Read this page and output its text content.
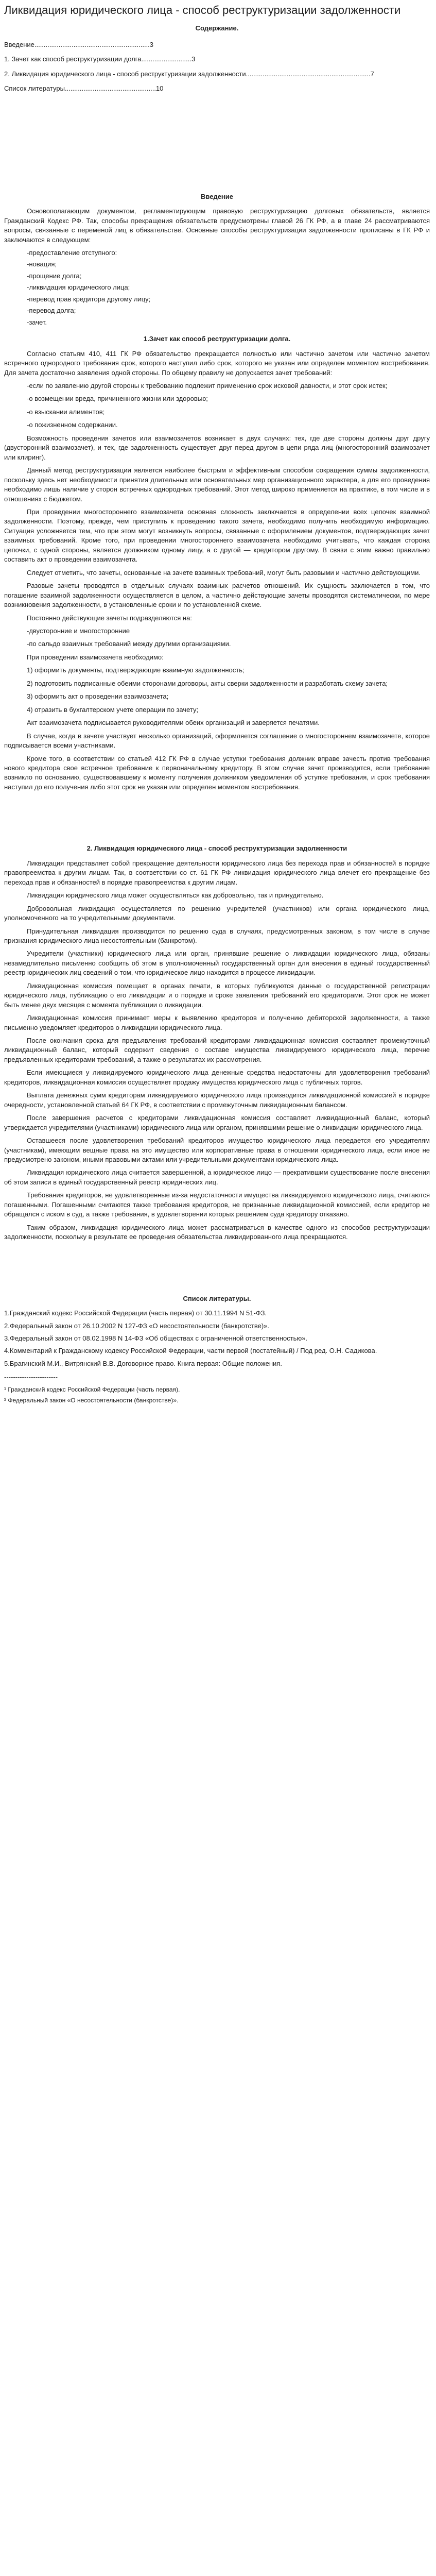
Ликвидация юридического лица - способ реструктуризации задолженности
Содержание.

Введение..............................................................3

1. Зачет как способ реструктуризации долга...........................3

2. Ликвидация юридического лица - способ реструктуризации задолженности...................................................................7

Список литературы.................................................10

Введение

Основополагающим документом, регламентирующим правовую реструктуризацию долговых обязательств, является Гражданский Кодекс РФ. Так, способы прекращения обязательств предусмотрены главой 26 ГК РФ, а в главе 24 рассматриваются вопросы, связанные с переменой лиц в обязательстве. Основные способы реструктуризации задолженности прописаны в ГК РФ и заключаются в следующем:

-предоставление отступного:

-новация;

-прощение долга;

-ликвидация юридического лица;

-перевод прав кредитора другому лицу;

-перевод долга;

-зачет.

1.Зачет как способ реструктуризации долга.

Согласно статьям 410, 411 ГК РФ обязательство прекращается полностью или частично зачетом или частично зачетом встречного однородного требования срок, которого наступил либо срок, которого не указан или определен моментом востребования. Для зачета достаточно заявления одной стороны. По общему правилу не допускается зачет требований:

-если по заявлению другой стороны к требованию подлежит применению срок исковой давности, и этот срок истек;

-о возмещении вреда, причиненного жизни или здоровью;

-о взыскании алиментов;

-о пожизненном содержании.

Возможность проведения зачетов или взаимозачетов возникает в двух случаях: тех, где две стороны должны друг другу (двусторонний взаимозачет), и тех, где задолженность существует друг перед другом в цепи ряда лиц (многосторонний взаимозачет или клиринг).

Данный метод реструктуризации является наиболее быстрым и эффективным способом сокращения суммы задолженности, поскольку здесь нет необходимости принятия длительных или основательных мер организационного характера, а для его проведения необходимо лишь наличие у сторон встречных однородных требований. Этот метод широко применяется на практике, в том числе и в отношениях с бюджетом.

При проведении многостороннего взаимозачета основная сложность заключается в определении всех цепочек взаимной задолженности. Поэтому, прежде, чем приступить к проведению такого зачета, необходимо получить необходимую информацию. Ситуация усложняется тем, что при этом могут возникнуть вопросы, связанные с оформлением документов, подтверждающих зачет взаимных требований. Кроме того, при проведении многостороннего взаимозачета необходимо учитывать, что каждая сторона цепочки, с одной стороны, является должником одному лицу, а с другой — кредитором другому. В связи с этим важно правильно составить акт о проведении взаимозачета.

Следует отметить, что зачеты, основанные на зачете взаимных требований, могут быть разовыми и частично действующими.

Разовые зачеты проводятся в отдельных случаях взаимных расчетов отношений. Их сущность заключается в том, что погашение взаимной задолженности осуществляется в целом, а частично действующие зачеты проводятся систематически, по мере возникновения задолженности, в установленные сроки и по установленной схеме.

Постоянно действующие зачеты подразделяются на:

-двусторонние и многосторонние

-по сальдо взаимных требований между другими организациями.

При проведении взаимозачета необходимо:

1) оформить документы, подтверждающие взаимную задолженность;

2) подготовить подписанные обеими сторонами договоры, акты сверки задолженности и разработать схему зачета;

3) оформить акт о проведении взаимозачета;

4) отразить в бухгалтерском учете операции по зачету;

Акт взаимозачета подписывается руководителями обеих организаций и заверяется печатями.

В случае, когда в зачете участвует несколько организаций, оформляется соглашение о многостороннем взаимозачете, которое подписывается всеми участниками.

Кроме того, в соответствии со статьей 412 ГК РФ в случае уступки требования должник вправе зачесть против требования нового кредитора свое встречное требование к первоначальному кредитору. В этом случае зачет производится, если требование возникло по основанию, существовавшему к моменту получения должником уведомления об уступке требования, и срок требования наступил до его получения либо этот срок не указан или определен моментом востребования.

2. Ликвидация юридического лица - способ реструктуризации задолженности

Ликвидация представляет собой прекращение деятельности юридического лица без перехода прав и обязанностей в порядке правопреемства к другим лицам. Так, в соответствии со ст. 61 ГК РФ ликвидация юридического лица влечет его прекращение без перехода прав и обязанностей в порядке правопреемства к другим лицам.

Ликвидация юридического лица может осуществляться как добровольно, так и принудительно.

Добровольная ликвидация осуществляется по решению учредителей (участников) или органа юридического лица, уполномоченного на то учредительными документами.

Принудительная ликвидация производится по решению суда в случаях, предусмотренных законом, в том числе в случае признания юридического лица несостоятельным (банкротом).

Учредители (участники) юридического лица или орган, принявшие решение о ликвидации юридического лица, обязаны незамедлительно письменно сообщить об этом в уполномоченный государственный орган для внесения в единый государственный реестр юридических лиц сведений о том, что юридическое лицо находится в процессе ликвидации.

Ликвидационная комиссия помещает в органах печати, в которых публикуются данные о государственной регистрации юридического лица, публикацию о его ликвидации и о порядке и сроке заявления требований его кредиторами. Этот срок не может быть менее двух месяцев с момента публикации о ликвидации.

Ликвидационная комиссия принимает меры к выявлению кредиторов и получению дебиторской задолженности, а также письменно уведомляет кредиторов о ликвидации юридического лица.

После окончания срока для предъявления требований кредиторами ликвидационная комиссия составляет промежуточный ликвидационный баланс, который содержит сведения о составе имущества ликвидируемого юридического лица, перечне предъявленных кредиторами требований, а также о результатах их рассмотрения.

Если имеющиеся у ликвидируемого юридического лица денежные средства недостаточны для удовлетворения требований кредиторов, ликвидационная комиссия осуществляет продажу имущества юридического лица с публичных торгов.

Выплата денежных сумм кредиторам ликвидируемого юридического лица производится ликвидационной комиссией в порядке очередности, установленной статьей 64 ГК РФ, в соответствии с промежуточным ликвидационным балансом.

После завершения расчетов с кредиторами ликвидационная комиссия составляет ликвидационный баланс, который утверждается учредителями (участниками) юридического лица или органом, принявшими решение о ликвидации юридического лица.

Оставшееся после удовлетворения требований кредиторов имущество юридического лица передается его учредителям (участникам), имеющим вещные права на это имущество или корпоративные права в отношении юридического лица, если иное не предусмотрено законом, иными правовыми актами или учредительными документами юридического лица.

Ликвидация юридического лица считается завершенной, а юридическое лицо — прекратившим существование после внесения об этом записи в единый государственный реестр юридических лиц.

Требования кредиторов, не удовлетворенные из-за недостаточности имущества ликвидируемого юридического лица, считаются погашенными. Погашенными считаются также требования кредиторов, не признанные ликвидационной комиссией, если кредитор не обращался с иском в суд, а также требования, в удовлетворении которых решением суда кредитору отказано.

Таким образом, ликвидация юридического лица может рассматриваться в качестве одного из способов реструктуризации задолженности, поскольку в результате ее проведения обязательства ликвидированного лица прекращаются.

Список литературы.

1.Гражданский кодекс Российской Федерации (часть первая) от 30.11.1994 N 51-ФЗ.

2.Федеральный закон от 26.10.2002 N 127-ФЗ «О несостоятельности (банкротстве)».

3.Федеральный закон от 08.02.1998 N 14-ФЗ «Об обществах с ограниченной ответственностью».

4.Комментарий к Гражданскому кодексу Российской Федерации, части первой (постатейный) / Под ред. О.Н. Садикова.

5.Брагинский М.И., Витрянский В.В. Договорное право. Книга первая: Общие положения.

------------------------

¹ Гражданский кодекс Российской Федерации (часть первая).

² Федеральный закон «О несостоятельности (банкротстве)».
